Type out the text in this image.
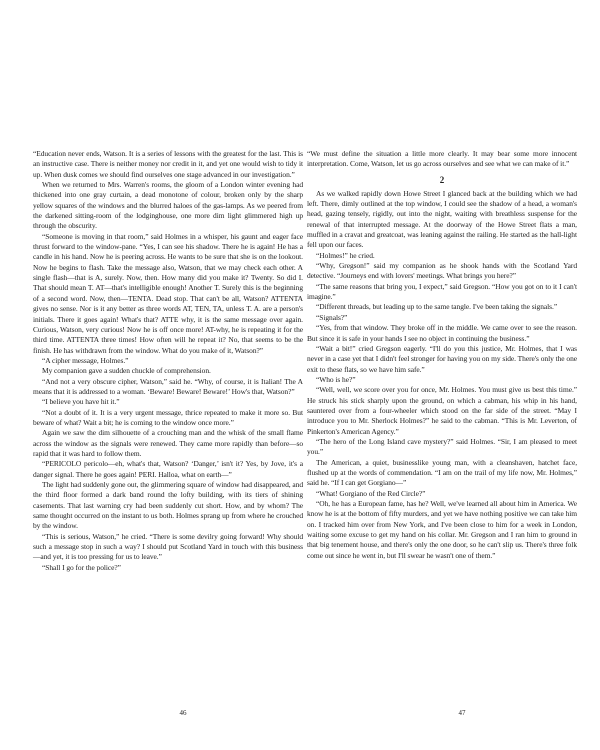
“Education never ends, Watson. It is a series of lessons with the greatest for the last. This is an instructive case. There is neither money nor credit in it, and yet one would wish to tidy it up. When dusk comes we should find ourselves one stage advanced in our investigation.”

When we returned to Mrs. Warren's rooms, the gloom of a London winter evening had thickened into one gray curtain, a dead monotone of colour, broken only by the sharp yellow squares of the windows and the blurred haloes of the gas-lamps. As we peered from the darkened sitting-room of the lodginghouse, one more dim light glimmered high up through the obscurity.

“Someone is moving in that room,” said Holmes in a whisper, his gaunt and eager face thrust forward to the window-pane. “Yes, I can see his shadow. There he is again! He has a candle in his hand. Now he is peering across. He wants to be sure that she is on the lookout. Now he begins to flash. Take the message also, Watson, that we may check each other. A single flash—that is A, surely. Now, then. How many did you make it? Twenty. So did I. That should mean T. AT—that's intelligible enough! Another T. Surely this is the beginning of a second word. Now, then—TENTA. Dead stop. That can't be all, Watson? ATTENTA gives no sense. Nor is it any better as three words AT, TEN, TA, unless T. A. are a person's initials. There it goes again! What's that? ATTE why, it is the same message over again. Curious, Watson, very curious! Now he is off once more! AT-why, he is repeating it for the third time. ATTENTA three times! How often will he repeat it? No, that seems to be the finish. He has withdrawn from the window. What do you make of it, Watson?”

“A cipher message, Holmes.”

My companion gave a sudden chuckle of comprehension.

“And not a very obscure cipher, Watson,” said he. “Why, of course, it is Italian! The A means that it is addressed to a woman. ‘Beware! Beware! Beware!’ How's that, Watson?”

“I believe you have hit it.”

“Not a doubt of it. It is a very urgent message, thrice repeated to make it more so. But beware of what? Wait a bit; he is coming to the window once more.”

Again we saw the dim silhouette of a crouching man and the whisk of the small flame across the window as the signals were renewed. They came more rapidly than before—so rapid that it was hard to follow them.

“PERICOLO pericolo—eh, what's that, Watson? ‘Danger,’ isn't it? Yes, by Jove, it's a danger signal. There he goes again! PERI. Halloa, what on earth—”

The light had suddenly gone out, the glimmering square of window had disappeared, and the third floor formed a dark band round the lofty building, with its tiers of shining casements. That last warning cry had been suddenly cut short. How, and by whom? The same thought occurred on the instant to us both. Holmes sprang up from where he crouched by the window.

“This is serious, Watson,” he cried. “There is some devilry going forward! Why should such a message stop in such a way? I should put Scotland Yard in touch with this business—and yet, it is too pressing for us to leave.”

“Shall I go for the police?”

“We must define the situation a little more clearly. It may bear some more innocent interpretation. Come, Watson, let us go across ourselves and see what we can make of it.”

2

As we walked rapidly down Howe Street I glanced back at the building which we had left. There, dimly outlined at the top window, I could see the shadow of a head, a woman's head, gazing tensely, rigidly, out into the night, waiting with breathless suspense for the renewal of that interrupted message. At the doorway of the Howe Street flats a man, muffled in a cravat and greatcoat, was leaning against the railing. He started as the hall-light fell upon our faces.

“Holmes!” he cried.

“Why, Gregson!” said my companion as he shook hands with the Scotland Yard detective. “Journeys end with lovers' meetings. What brings you here?”

“The same reasons that bring you, I expect,” said Gregson. “How you got on to it I can't imagine.”

“Different threads, but leading up to the same tangle. I've been taking the signals.”

“Signals?”

“Yes, from that window. They broke off in the middle. We came over to see the reason. But since it is safe in your hands I see no object in continuing the business.”

“Wait a bit!” cried Gregson eagerly. “I'll do you this justice, Mr. Holmes, that I was never in a case yet that I didn't feel stronger for having you on my side. There's only the one exit to these flats, so we have him safe.”

“Who is he?”

“Well, well, we score over you for once, Mr. Holmes. You must give us best this time.” He struck his stick sharply upon the ground, on which a cabman, his whip in his hand, sauntered over from a four-wheeler which stood on the far side of the street. “May I introduce you to Mr. Sherlock Holmes?” he said to the cabman. “This is Mr. Leverton, of Pinkerton's American Agency.”

“The hero of the Long Island cave mystery?” said Holmes. “Sir, I am pleased to meet you.”

The American, a quiet, businesslike young man, with a cleanshaven, hatchet face, flushed up at the words of commendation. “I am on the trail of my life now, Mr. Holmes,” said he. “If I can get Gorgiano—”

“What! Gorgiano of the Red Circle?”

“Oh, he has a European fame, has he? Well, we've learned all about him in America. We know he is at the bottom of fifty murders, and yet we have nothing positive we can take him on. I tracked him over from New York, and I've been close to him for a week in London, waiting some excuse to get my hand on his collar. Mr. Gregson and I ran him to ground in that big tenement house, and there's only the one door, so he can't slip us. There's three folk come out since he went in, but I'll swear he wasn't one of them.”

46	47
